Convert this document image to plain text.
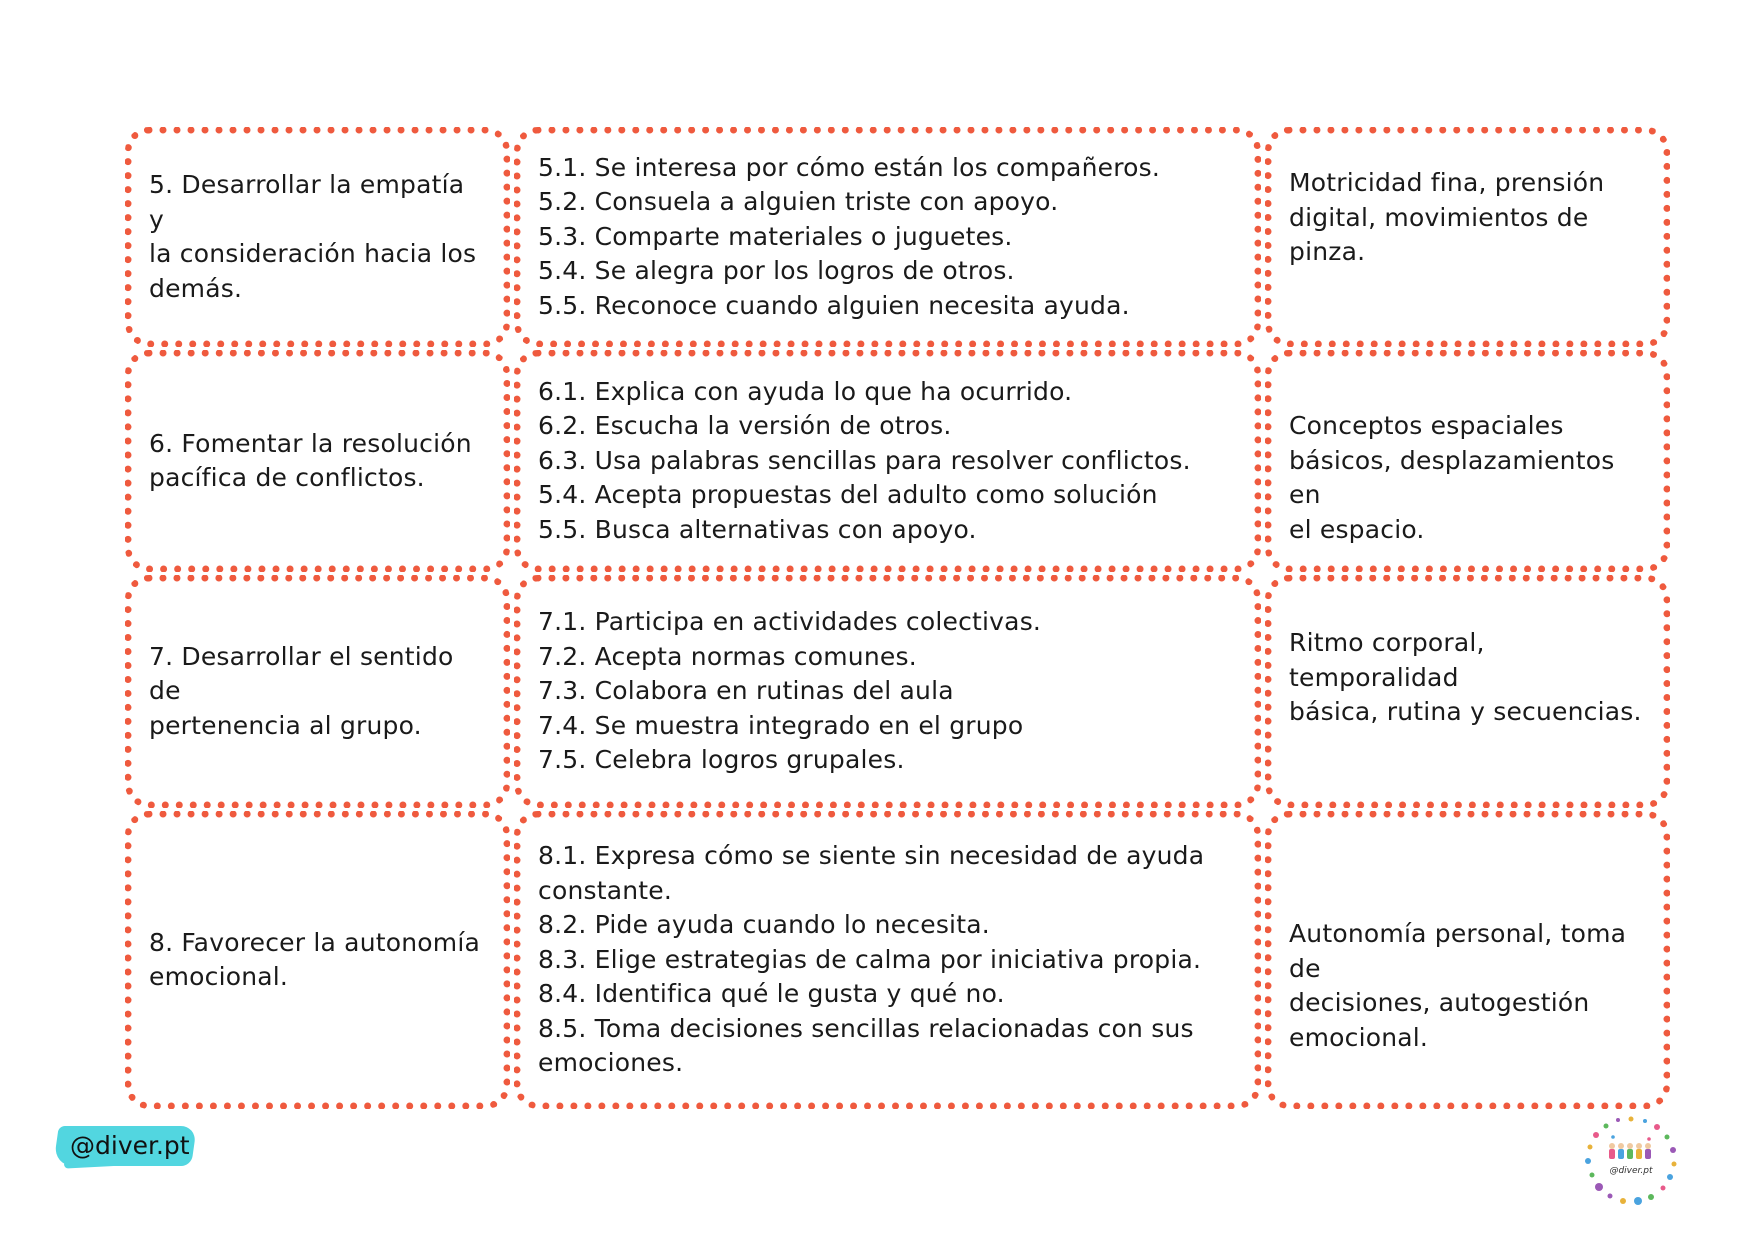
5. Desarrollar la empatía y
la consideración hacia los
demás.
5.1. Se interesa por cómo están los compañeros.
5.2. Consuela a alguien triste con apoyo.
5.3. Comparte materiales o juguetes.
5.4. Se alegra por los logros de otros.
5.5. Reconoce cuando alguien necesita ayuda.
Motricidad fina, prensión
digital, movimientos de pinza.
6. Fomentar la resolución
pacífica de conflictos.
6.1. Explica con ayuda lo que ha ocurrido.
6.2. Escucha la versión de otros.
6.3. Usa palabras sencillas para resolver conflictos.
5.4. Acepta propuestas del adulto como solución
5.5. Busca alternativas con apoyo.
Conceptos espaciales
básicos, desplazamientos en
el espacio.
7. Desarrollar el sentido de
pertenencia al grupo.
7.1. Participa en actividades colectivas.
7.2. Acepta normas comunes.
7.3. Colabora en rutinas del aula
7.4. Se muestra integrado en el grupo
7.5. Celebra logros grupales.
Ritmo corporal, temporalidad
básica, rutina y secuencias.
8. Favorecer la autonomía
emocional.
8.1. Expresa cómo se siente sin necesidad de ayuda
constante.
8.2. Pide ayuda cuando lo necesita.
8.3. Elige estrategias de calma por iniciativa propia.
8.4. Identifica qué le gusta y qué no.
8.5. Toma decisiones sencillas relacionadas con sus
emociones.
Autonomía personal, toma de
decisiones, autogestión
emocional.
@diver.pt
@diver.pt
